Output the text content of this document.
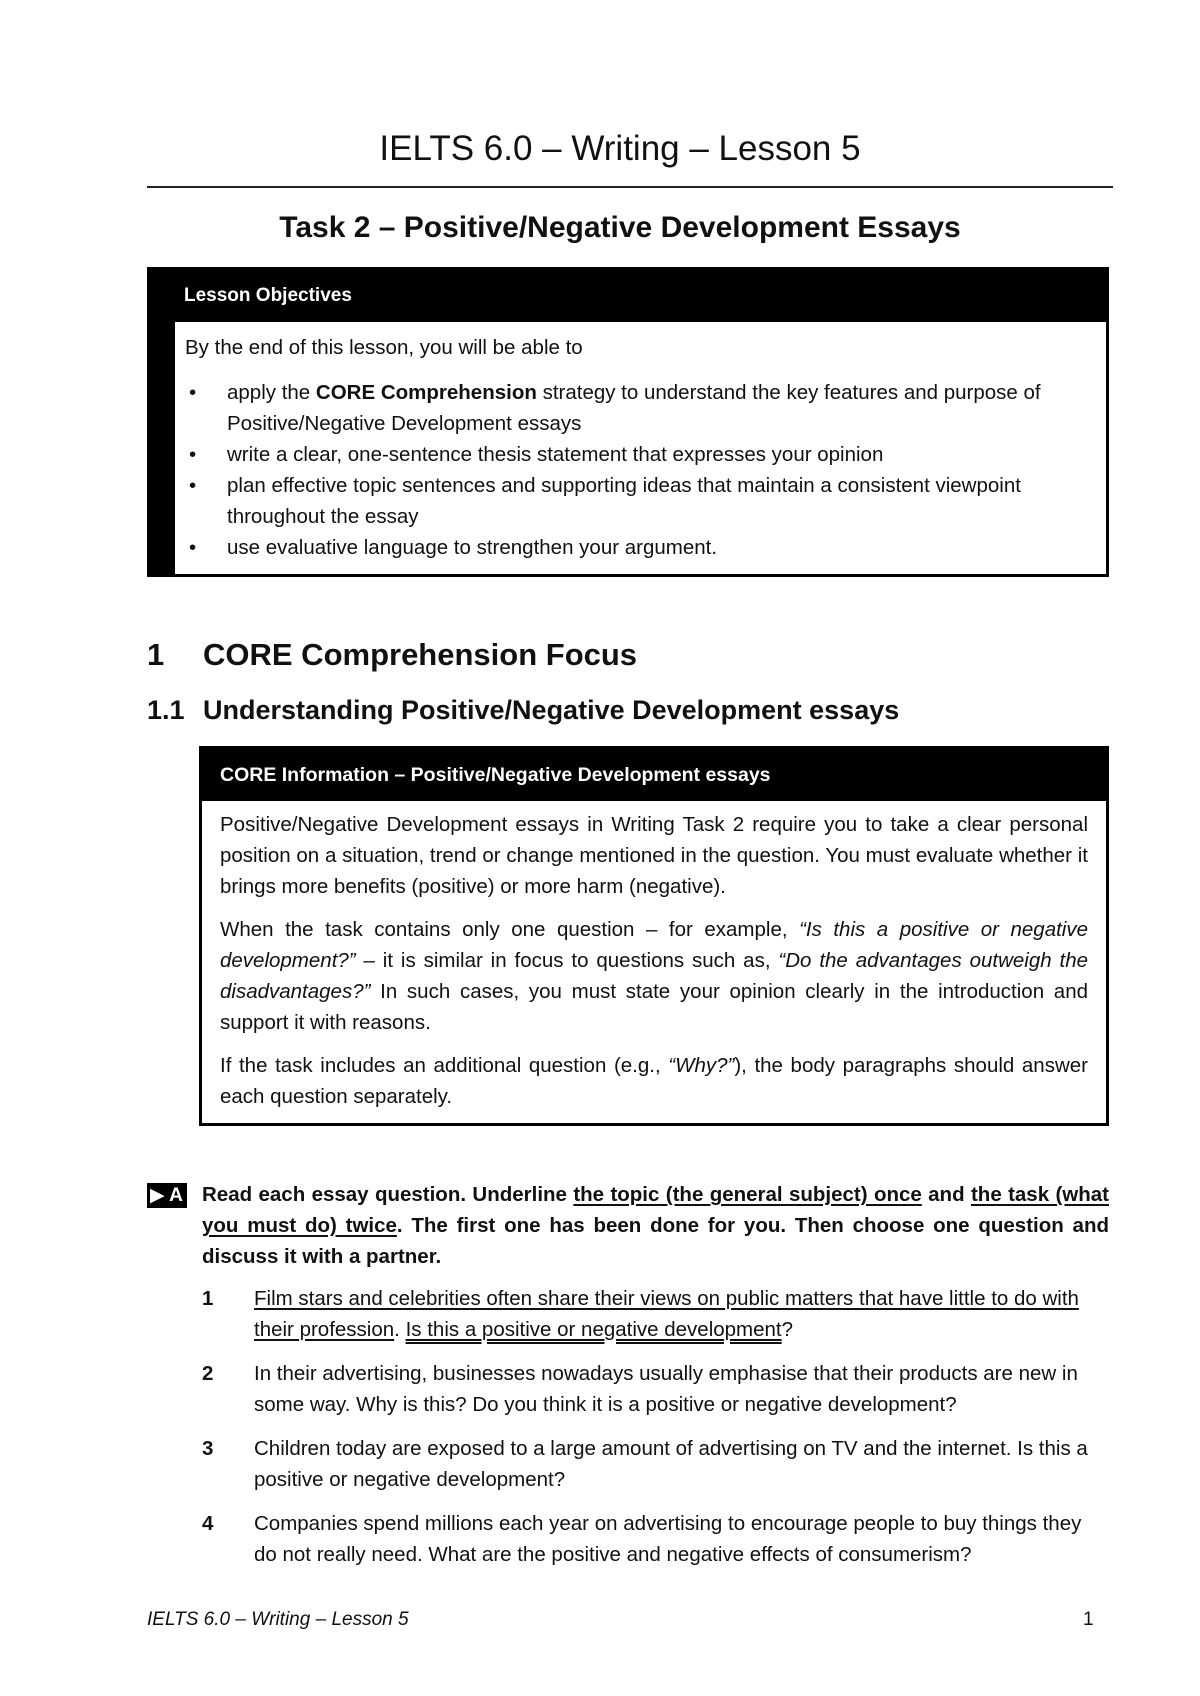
IELTS 6.0 – Writing – Lesson 5
Task 2 – Positive/Negative Development Essays
Lesson Objectives

By the end of this lesson, you will be able to

• apply the CORE Comprehension strategy to understand the key features and purpose of Positive/Negative Development essays
• write a clear, one-sentence thesis statement that expresses your opinion
• plan effective topic sentences and supporting ideas that maintain a consistent viewpoint throughout the essay
• use evaluative language to strengthen your argument.
1 CORE Comprehension Focus
1.1 Understanding Positive/Negative Development essays
CORE Information – Positive/Negative Development essays

Positive/Negative Development essays in Writing Task 2 require you to take a clear personal position on a situation, trend or change mentioned in the question. You must evaluate whether it brings more benefits (positive) or more harm (negative).

When the task contains only one question – for example, “Is this a positive or negative development?” – it is similar in focus to questions such as, “Do the advantages outweigh the disadvantages?” In such cases, you must state your opinion clearly in the introduction and support it with reasons.

If the task includes an additional question (e.g., “Why?”), the body paragraphs should answer each question separately.

▶ A Read each essay question. Underline the topic (the general subject) once and the task (what you must do) twice. The first one has been done for you. Then choose one question and discuss it with a partner.
1 Film stars and celebrities often share their views on public matters that have little to do with their profession. Is this a positive or negative development?
2 In their advertising, businesses nowadays usually emphasise that their products are new in some way. Why is this? Do you think it is a positive or negative development?
3 Children today are exposed to a large amount of advertising on TV and the internet. Is this a positive or negative development?
4 Companies spend millions each year on advertising to encourage people to buy things they do not really need. What are the positive and negative effects of consumerism?
IELTS 6.0 – Writing – Lesson 5	1
